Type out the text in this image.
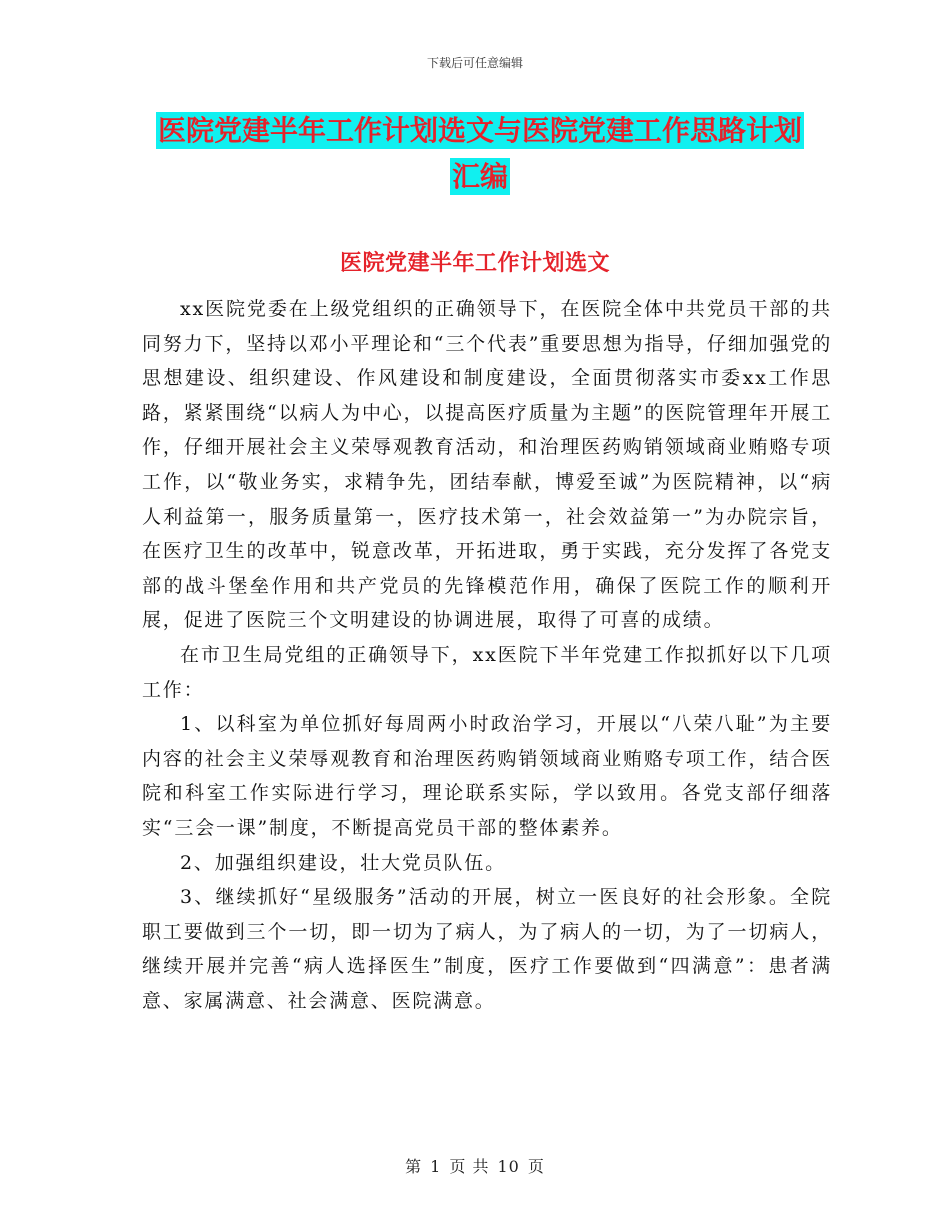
下载后可任意编辑
医院党建半年工作计划选文与医院党建工作思路计划
汇编
医院党建半年工作计划选文

xx医院党委在上级党组织的正确领导下，在医院全体中共党员干部的共同努力下，坚持以邓小平理论和“三个代表”重要思想为指导，仔细加强党的思想建设、组织建设、作风建设和制度建设，全面贯彻落实市委xx工作思路，紧紧围绕“以病人为中心，以提高医疗质量为主题”的医院管理年开展工作，仔细开展社会主义荣辱观教育活动，和治理医药购销领域商业贿赂专项工作，以“敬业务实，求精争先，团结奉献，博爱至诚”为医院精神，以“病人利益第一，服务质量第一，医疗技术第一，社会效益第一”为办院宗旨，在医疗卫生的改革中，锐意改革，开拓进取，勇于实践，充分发挥了各党支部的战斗堡垒作用和共产党员的先锋模范作用，确保了医院工作的顺利开展，促进了医院三个文明建设的协调进展，取得了可喜的成绩。

在市卫生局党组的正确领导下，xx医院下半年党建工作拟抓好以下几项工作：

1、以科室为单位抓好每周两小时政治学习，开展以“八荣八耻”为主要内容的社会主义荣辱观教育和治理医药购销领域商业贿赂专项工作，结合医院和科室工作实际进行学习，理论联系实际，学以致用。各党支部仔细落实“三会一课”制度，不断提高党员干部的整体素养。

2、加强组织建设，壮大党员队伍。

3、继续抓好“星级服务”活动的开展，树立一医良好的社会形象。全院职工要做到三个一切，即一切为了病人，为了病人的一切，为了一切病人，继续开展并完善“病人选择医生”制度，医疗工作要做到“四满意”：患者满意、家属满意、社会满意、医院满意。

第 1 页 共 10 页
